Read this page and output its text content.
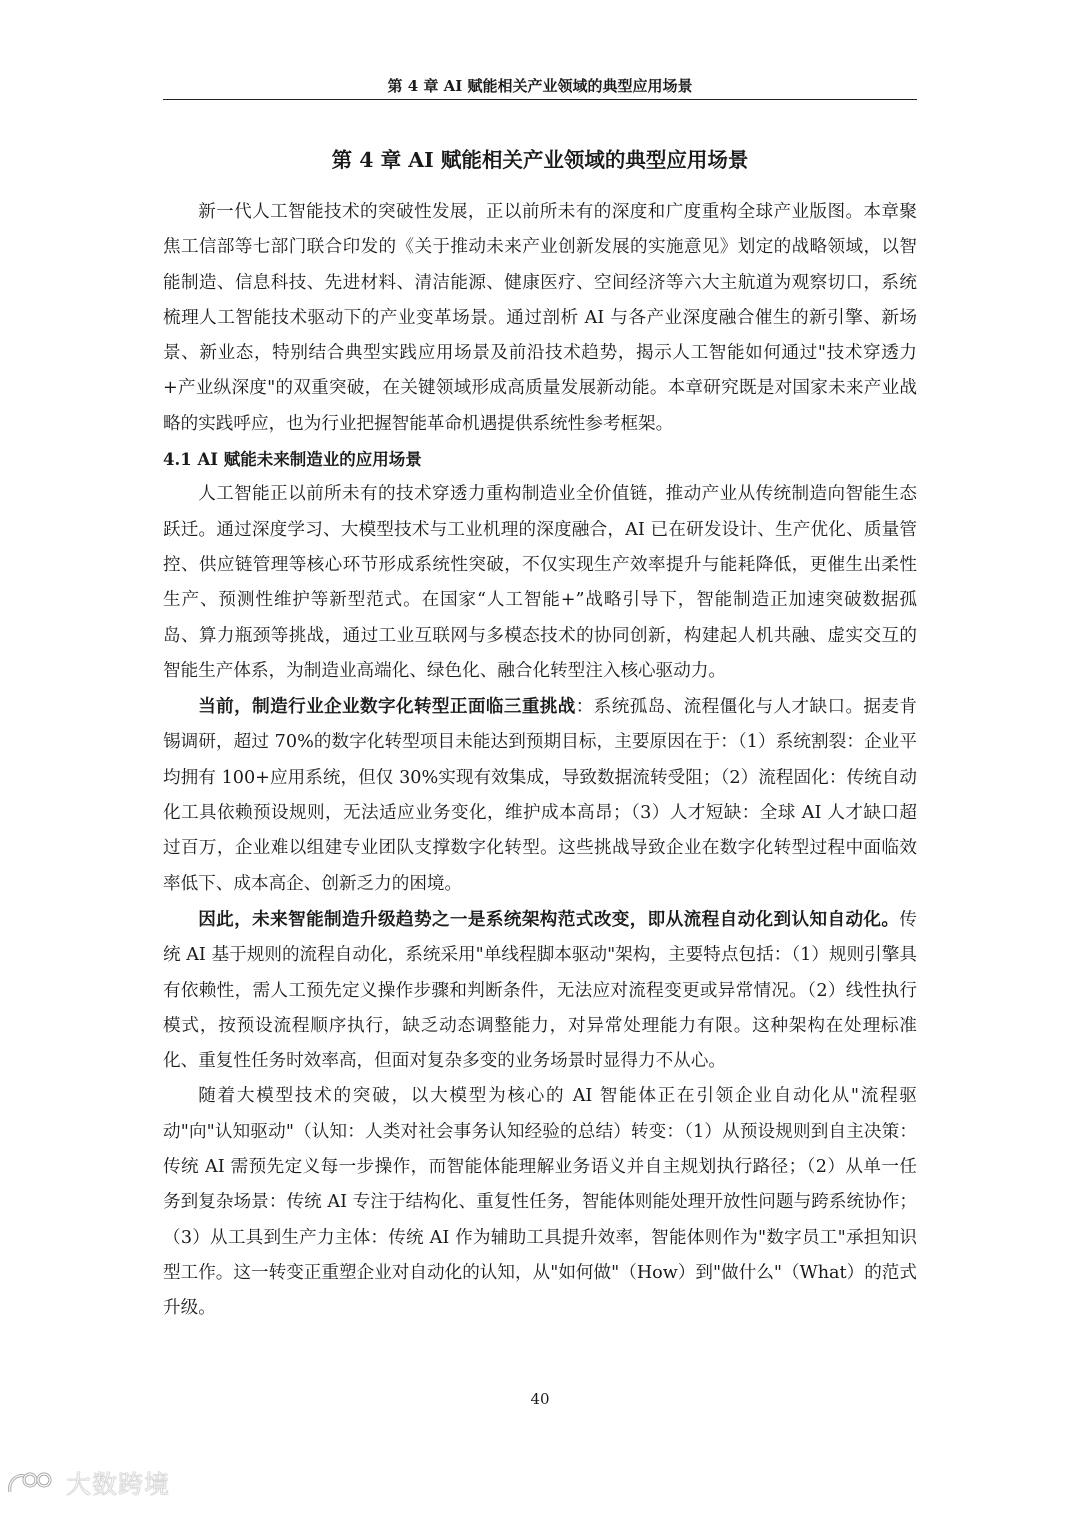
第 4 章 AI 赋能相关产业领域的典型应用场景
第 4 章 AI 赋能相关产业领域的典型应用场景

新一代人工智能技术的突破性发展，正以前所未有的深度和广度重构全球产业版图。本章聚焦工信部等七部门联合印发的《关于推动未来产业创新发展的实施意见》划定的战略领域，以智能制造、信息科技、先进材料、清洁能源、健康医疗、空间经济等六大主航道为观察切口，系统梳理人工智能技术驱动下的产业变革场景。通过剖析 AI 与各产业深度融合催生的新引擎、新场景、新业态，特别结合典型实践应用场景及前沿技术趋势，揭示人工智能如何通过"技术穿透力+产业纵深度"的双重突破，在关键领域形成高质量发展新动能。本章研究既是对国家未来产业战略的实践呼应，也为行业把握智能革命机遇提供系统性参考框架。

4.1 AI 赋能未来制造业的应用场景

人工智能正以前所未有的技术穿透力重构制造业全价值链，推动产业从传统制造向智能生态跃迁。通过深度学习、大模型技术与工业机理的深度融合，AI 已在研发设计、生产优化、质量管控、供应链管理等核心环节形成系统性突破，不仅实现生产效率提升与能耗降低，更催生出柔性生产、预测性维护等新型范式。在国家“人工智能+”战略引导下，智能制造正加速突破数据孤岛、算力瓶颈等挑战，通过工业互联网与多模态技术的协同创新，构建起人机共融、虚实交互的智能生产体系，为制造业高端化、绿色化、融合化转型注入核心驱动力。

当前，制造行业企业数字化转型正面临三重挑战：系统孤岛、流程僵化与人才缺口。据麦肯锡调研，超过 70%的数字化转型项目未能达到预期目标，主要原因在于：（1）系统割裂：企业平均拥有 100+应用系统，但仅 30%实现有效集成，导致数据流转受阻；（2）流程固化：传统自动化工具依赖预设规则，无法适应业务变化，维护成本高昂；（3）人才短缺：全球 AI 人才缺口超过百万，企业难以组建专业团队支撑数字化转型。这些挑战导致企业在数字化转型过程中面临效率低下、成本高企、创新乏力的困境。

因此，未来智能制造升级趋势之一是系统架构范式改变，即从流程自动化到认知自动化。传统 AI 基于规则的流程自动化，系统采用"单线程脚本驱动"架构，主要特点包括：（1）规则引擎具有依赖性，需人工预先定义操作步骤和判断条件，无法应对流程变更或异常情况。（2）线性执行模式，按预设流程顺序执行，缺乏动态调整能力，对异常处理能力有限。这种架构在处理标准化、重复性任务时效率高，但面对复杂多变的业务场景时显得力不从心。

随着大模型技术的突破，以大模型为核心的 AI 智能体正在引领企业自动化从"流程驱动"向"认知驱动"（认知：人类对社会事务认知经验的总结）转变：（1）从预设规则到自主决策：传统 AI 需预先定义每一步操作，而智能体能理解业务语义并自主规划执行路径；（2）从单一任务到复杂场景：传统 AI 专注于结构化、重复性任务，智能体则能处理开放性问题与跨系统协作；（3）从工具到生产力主体：传统 AI 作为辅助工具提升效率，智能体则作为"数字员工"承担知识型工作。这一转变正重塑企业对自动化的认知，从"如何做"（How）到"做什么"（What）的范式升级。

40
大数跨境
